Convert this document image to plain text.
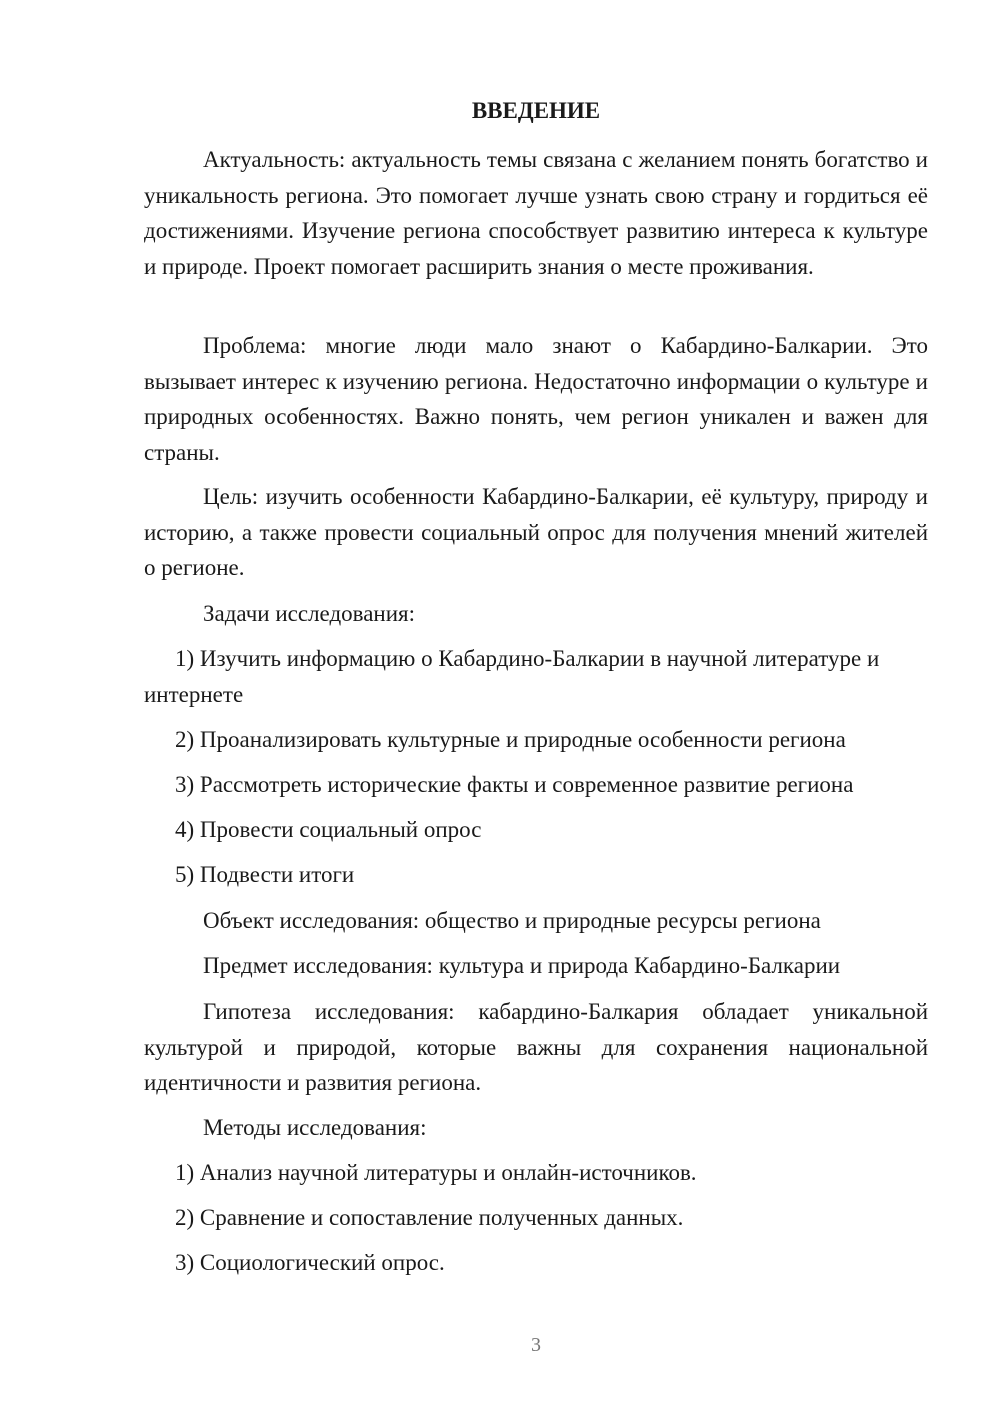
ВВЕДЕНИЕ

Актуальность: актуальность темы связана с желанием понять богатство и уникальность региона. Это помогает лучше узнать свою страну и гордиться её достижениями. Изучение региона способствует развитию интереса к культуре и природе. Проект помогает расширить знания о месте проживания.

Проблема: многие люди мало знают о Кабардино-Балкарии. Это вызывает интерес к изучению региона. Недостаточно информации о культуре и природных особенностях. Важно понять, чем регион уникален и важен для страны.

Цель: изучить особенности Кабардино-Балкарии, её культуру, природу и историю, а также провести социальный опрос для получения мнений жителей о регионе.

Задачи исследования:

1) Изучить информацию о Кабардино-Балкарии в научной литературе и интернете

2) Проанализировать культурные и природные особенности региона

3) Рассмотреть исторические факты и современное развитие региона

4) Провести социальный опрос

5) Подвести итоги

Объект исследования: общество и природные ресурсы региона

Предмет исследования: культура и природа Кабардино-Балкарии

Гипотеза исследования: кабардино-Балкария обладает уникальной культурой и природой, которые важны для сохранения национальной идентичности и развития региона.

Методы исследования:

1) Анализ научной литературы и онлайн-источников.

2) Сравнение и сопоставление полученных данных.

3) Социологический опрос.

3
